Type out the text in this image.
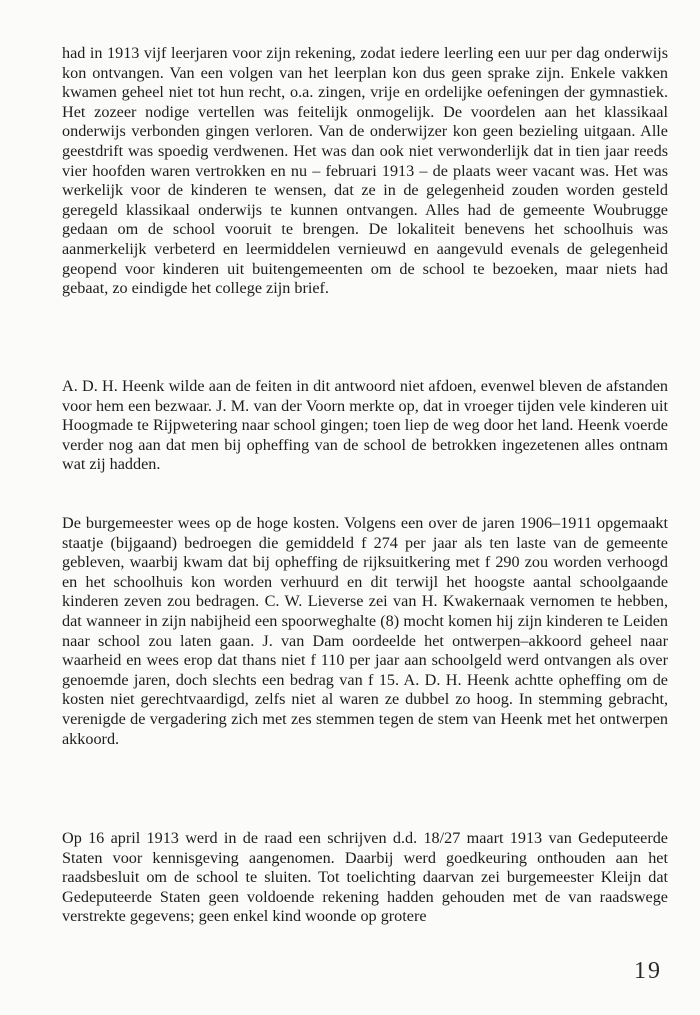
had in 1913 vijf leerjaren voor zijn rekening, zodat iedere leerling een uur per dag onderwijs kon ontvangen. Van een volgen van het leerplan kon dus geen sprake zijn. Enkele vakken kwamen geheel niet tot hun recht, o.a. zingen, vrije en ordelijke oefeningen der gymnastiek. Het zozeer nodige vertellen was feitelijk onmogelijk. De voordelen aan het klassikaal onderwijs verbonden gingen verloren. Van de onderwijzer kon geen bezieling uitgaan. Alle geestdrift was spoedig verdwenen. Het was dan ook niet verwonderlijk dat in tien jaar reeds vier hoofden waren vertrokken en nu – februari 1913 – de plaats weer vacant was. Het was werkelijk voor de kinderen te wensen, dat ze in de gelegenheid zouden worden gesteld geregeld klassikaal onderwijs te kunnen ontvangen. Alles had de gemeente Woubrugge gedaan om de school vooruit te brengen. De lokaliteit benevens het schoolhuis was aanmerkelijk verbeterd en leermiddelen vernieuwd en aangevuld evenals de gelegenheid geopend voor kinderen uit buitengemeenten om de school te bezoeken, maar niets had gebaat, zo eindigde het college zijn brief.

A. D. H. Heenk wilde aan de feiten in dit antwoord niet afdoen, evenwel bleven de afstanden voor hem een bezwaar. J. M. van der Voorn merkte op, dat in vroeger tijden vele kinderen uit Hoogmade te Rijpwetering naar school gingen; toen liep de weg door het land. Heenk voerde verder nog aan dat men bij opheffing van de school de betrokken ingezetenen alles ontnam wat zij hadden.

De burgemeester wees op de hoge kosten. Volgens een over de jaren 1906–1911 opgemaakt staatje (bijgaand) bedroegen die gemiddeld f 274 per jaar als ten laste van de gemeente gebleven, waarbij kwam dat bij opheffing de rijksuitkering met f 290 zou worden verhoogd en het schoolhuis kon worden verhuurd en dit terwijl het hoogste aantal schoolgaande kinderen zeven zou bedragen. C. W. Lieverse zei van H. Kwakernaak vernomen te hebben, dat wanneer in zijn nabijheid een spoorweghalte (8) mocht komen hij zijn kinderen te Leiden naar school zou laten gaan. J. van Dam oordeelde het ontwerpen–akkoord geheel naar waarheid en wees erop dat thans niet f 110 per jaar aan schoolgeld werd ontvangen als over genoemde jaren, doch slechts een bedrag van f 15. A. D. H. Heenk achtte opheffing om de kosten niet gerechtvaardigd, zelfs niet al waren ze dubbel zo hoog. In stemming gebracht, verenigde de vergadering zich met zes stemmen tegen de stem van Heenk met het ontwerpen akkoord.

Op 16 april 1913 werd in de raad een schrijven d.d. 18/27 maart 1913 van Gedeputeerde Staten voor kennisgeving aangenomen. Daarbij werd goedkeuring onthouden aan het raadsbesluit om de school te sluiten. Tot toelichting daarvan zei burgemeester Kleijn dat Gedeputeerde Staten geen voldoende rekening hadden gehouden met de van raadswege verstrekte gegevens; geen enkel kind woonde op grotere

19
